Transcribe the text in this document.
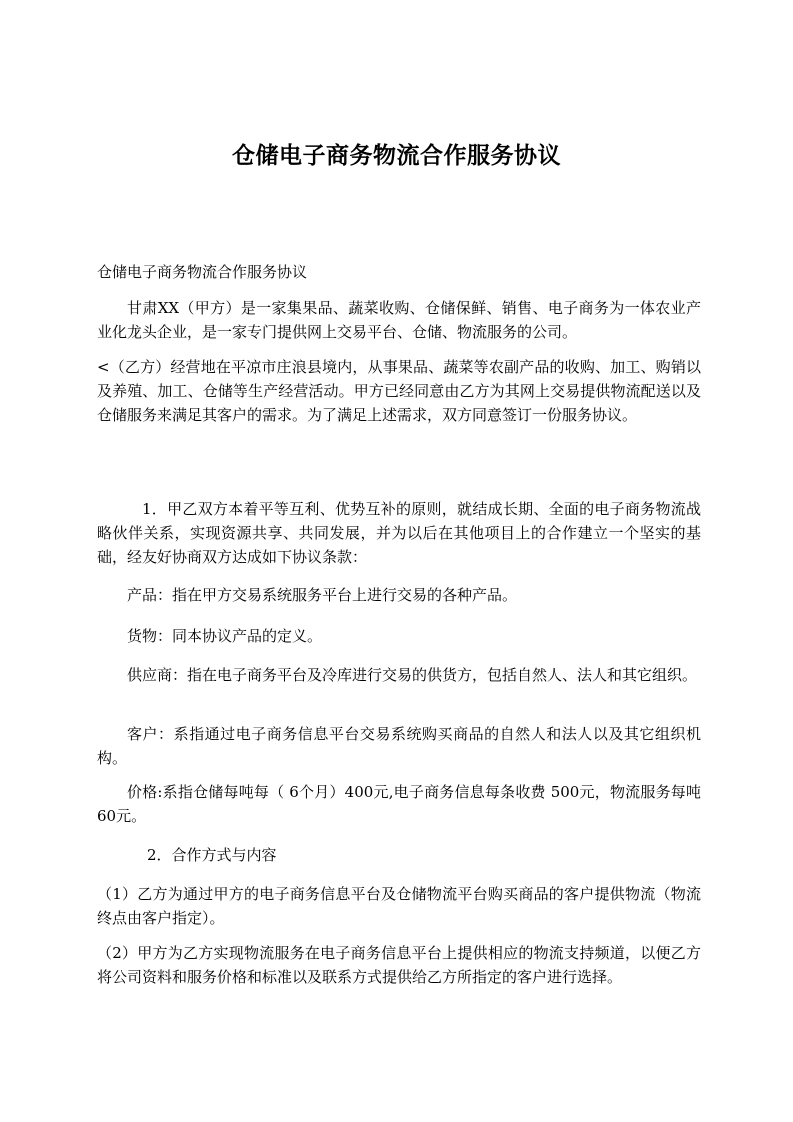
仓储电子商务物流合作服务协议
仓储电子商务物流合作服务协议
甘肃XX（甲方）是一家集果品、蔬菜收购、仓储保鲜、销售、电子商务为一体农业产业化龙头企业，是一家专门提供网上交易平台、仓储、物流服务的公司。
<（乙方）经营地在平凉市庄浪县境内，从事果品、蔬菜等农副产品的收购、加工、购销以及养殖、加工、仓储等生产经营活动。甲方已经同意由乙方为其网上交易提供物流配送以及仓储服务来满足其客户的需求。为了满足上述需求，双方同意签订一份服务协议。
1．甲乙双方本着平等互利、优势互补的原则，就结成长期、全面的电子商务物流战略伙伴关系，实现资源共享、共同发展，并为以后在其他项目上的合作建立一个坚实的基础，经友好协商双方达成如下协议条款：
产品：指在甲方交易系统服务平台上进行交易的各种产品。
货物：同本协议产品的定义。
供应商：指在电子商务平台及冷库进行交易的供货方，包括自然人、法人和其它组织。
客户：系指通过电子商务信息平台交易系统购买商品的自然人和法人以及其它组织机构。
价格:系指仓储每吨每（ 6个月）400元,电子商务信息每条收费 500元，物流服务每吨60元。
2．合作方式与内容
（1）乙方为通过甲方的电子商务信息平台及仓储物流平台购买商品的客户提供物流（物流终点由客户指定）。
（2）甲方为乙方实现物流服务在电子商务信息平台上提供相应的物流支持频道，以便乙方将公司资料和服务价格和标准以及联系方式提供给乙方所指定的客户进行选择。
